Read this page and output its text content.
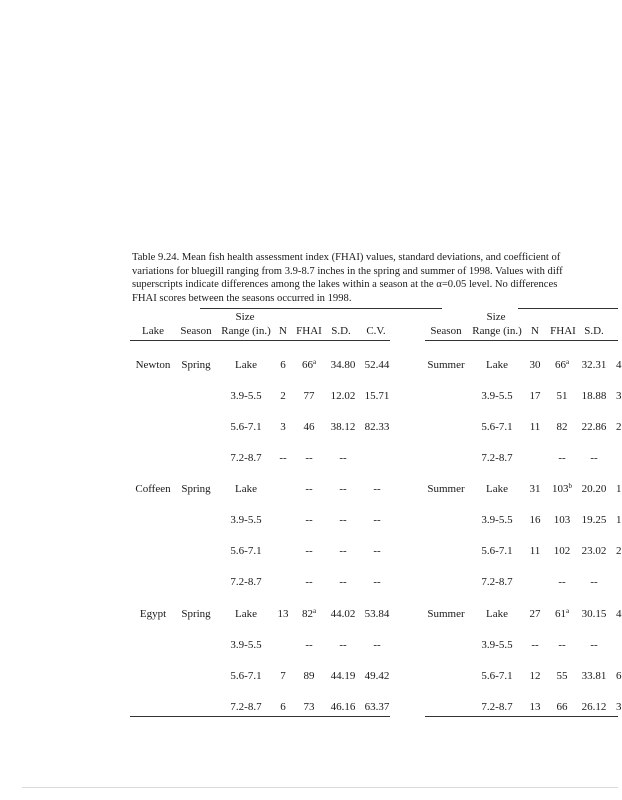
Table 9.24. Mean fish health assessment index (FHAI) values, standard deviations, and coefficient of
variations for bluegill ranging from 3.9-8.7 inches in the spring and summer of 1998. Values with diff
superscripts indicate differences among the lakes within a season at the α=0.05 level. No differences
FHAI scores between the seasons occurred in 1998.
Size	Size
Lake Season Range (in.) N FHAI S.D. C.V.	Season Range (in.) N FHAI S.D.
Newton Spring Lake 6 66$^a$ 34.80 52.44	Summer Lake 30 66$^a$ 32.31 4
3.9-5.5 2 77 12.02 15.71	3.9-5.5 17 51 18.88 3
5.6-7.1 3 46 38.12 82.33	5.6-7.1 11 82 22.86 2
7.2-8.7 -- -- --	7.2-8.7	-- --
Coffeen Spring Lake	-- -- --	Summer Lake 31 103$^b$ 20.20 1
3.9-5.5	-- -- --	3.9-5.5 16 103 19.25 1
5.6-7.1	-- -- --	5.6-7.1 11 102 23.02 2
7.2-8.7	-- -- --	7.2-8.7	-- --
Egypt Spring Lake 13 82$^a$ 44.02 53.84	Summer Lake 27 61$^a$ 30.15 4
3.9-5.5	-- -- --	3.9-5.5 -- -- --
5.6-7.1 7 89 44.19 49.42	5.6-7.1 12 55 33.81 6
7.2-8.7 6 73 46.16 63.37	7.2-8.7 13 66 26.12 3
